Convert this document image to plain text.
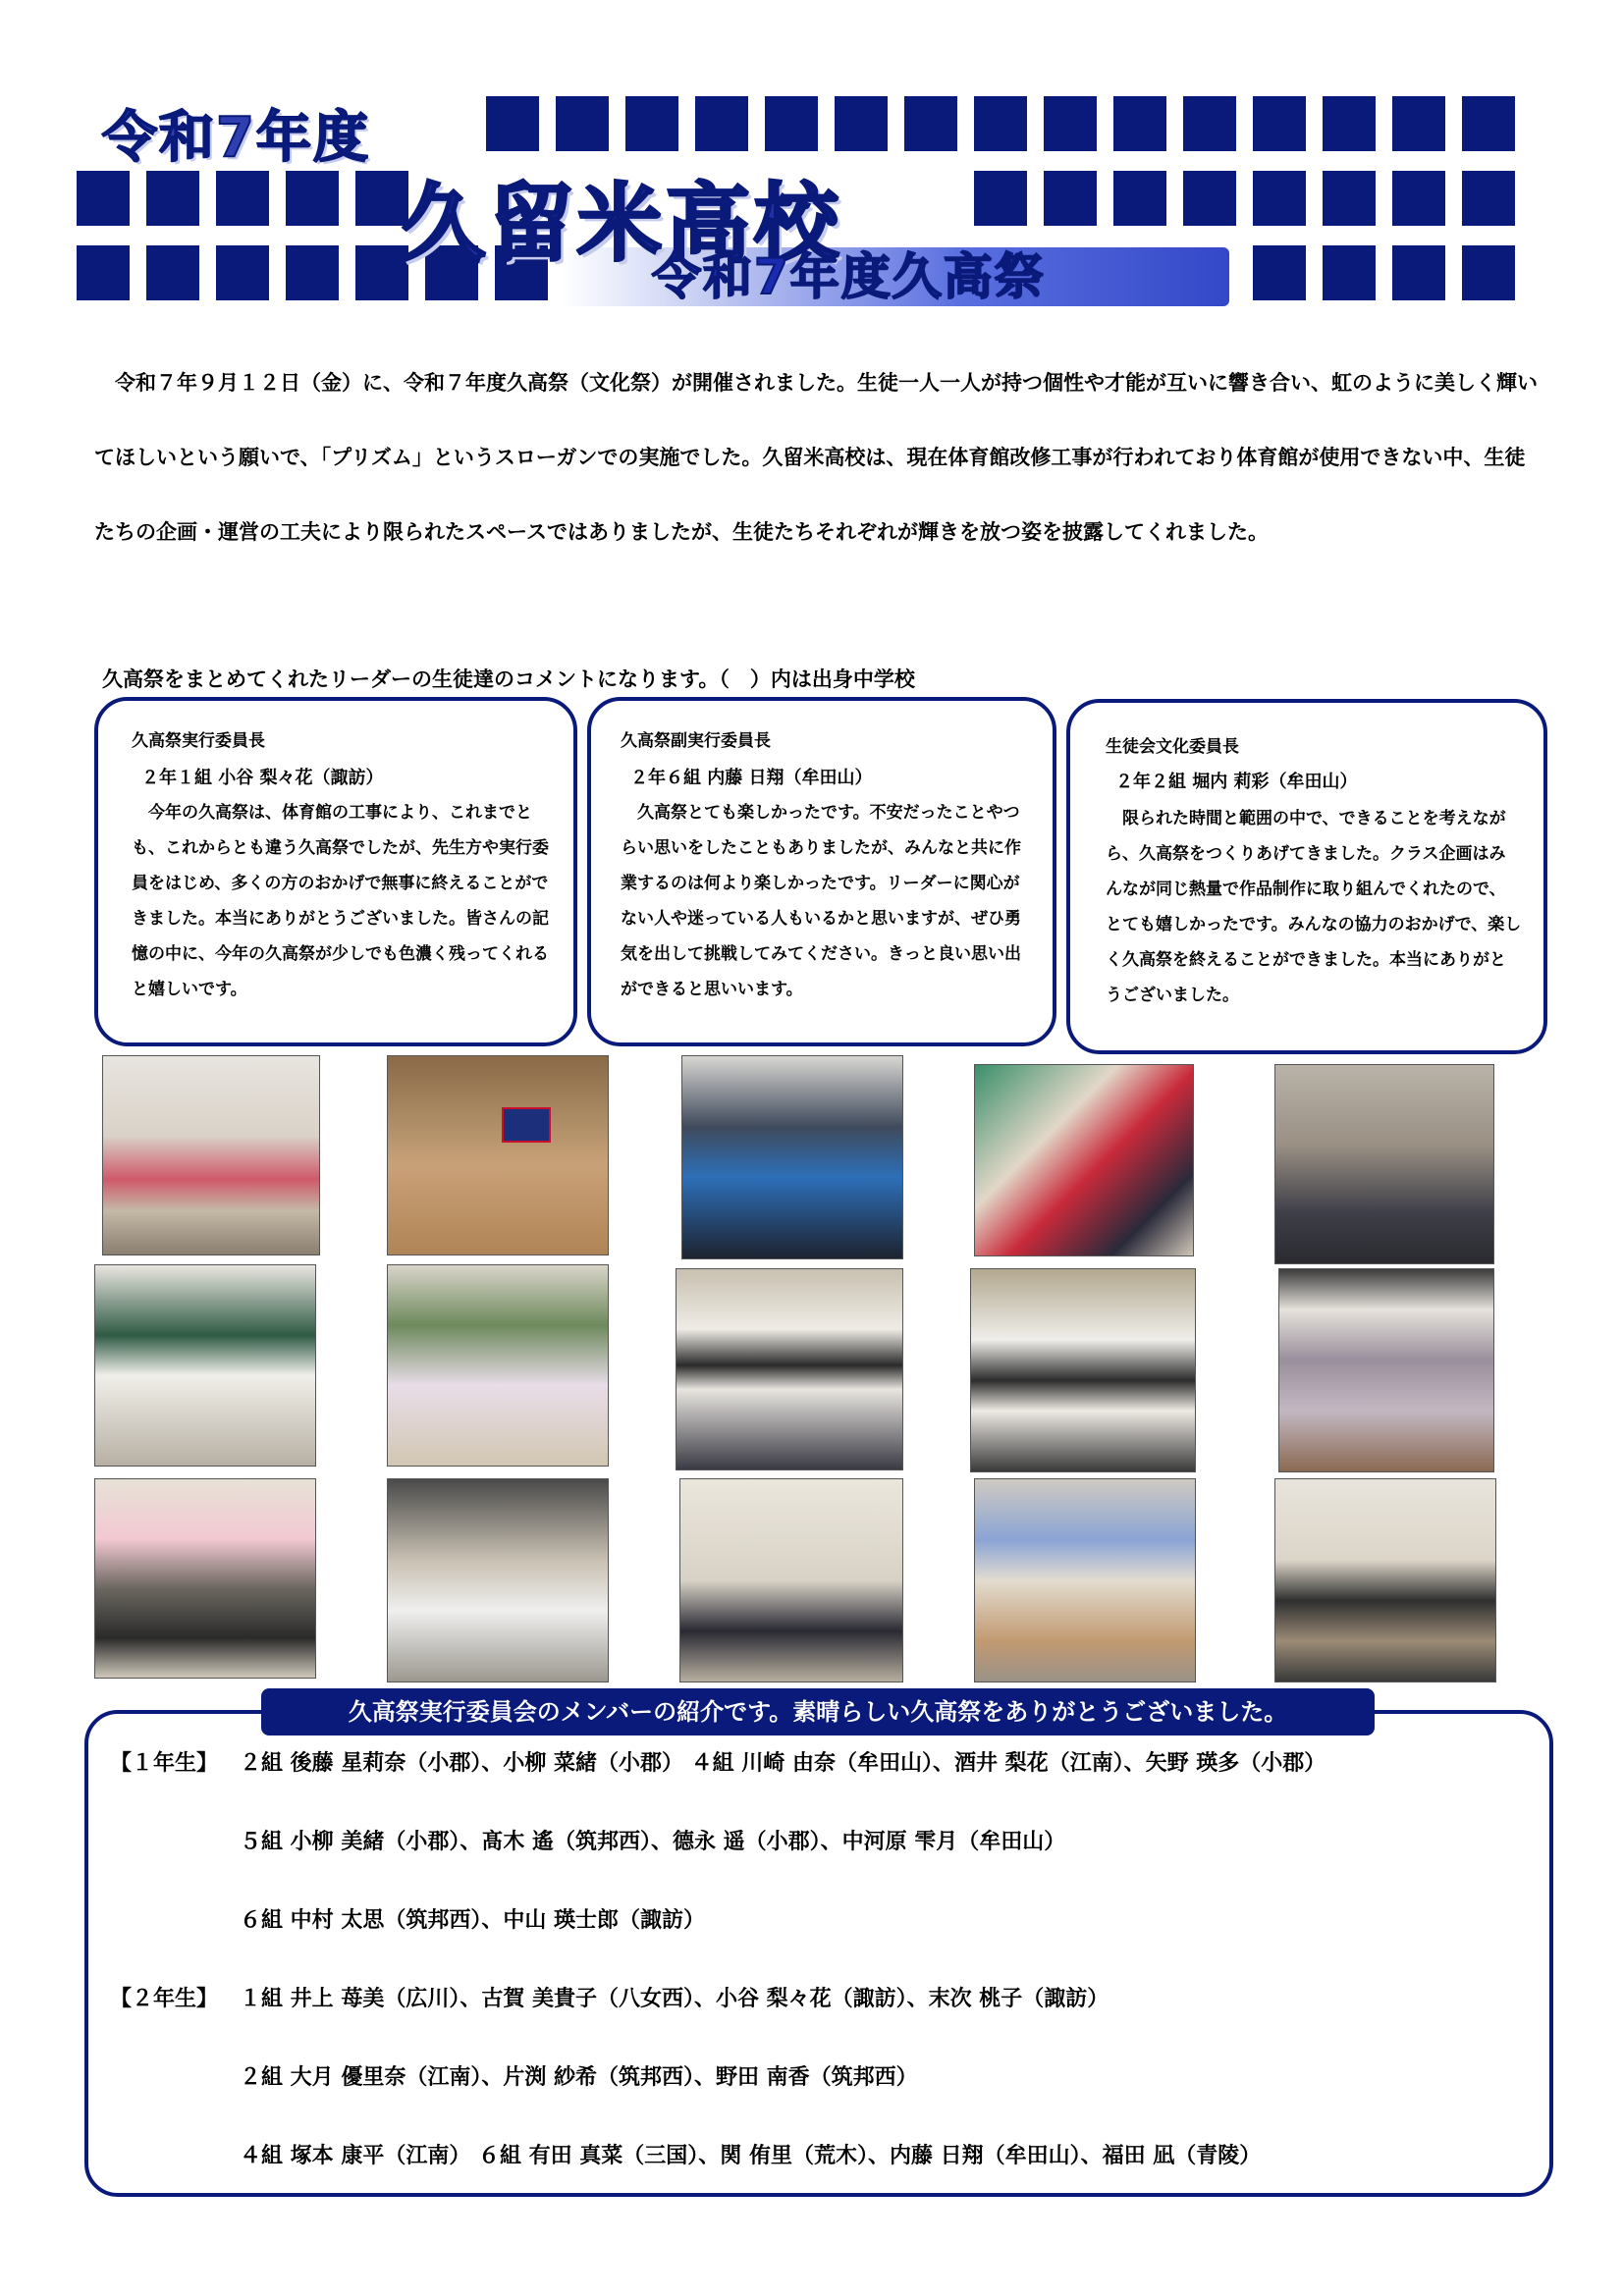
令和7年度
久留米高校
令和7年度久高祭

令和７年９月１２日（金）に、令和７年度久高祭（文化祭）が開催されました。生徒一人一人が持つ個性や才能が互いに響き合い、虹のように美しく輝いてほしいという願いで、「プリズム」というスローガンでの実施でした。久留米高校は、現在体育館改修工事が行われており体育館が使用できない中、生徒たちの企画・運営の工夫により限られたスペースではありましたが、生徒たちそれぞれが輝きを放つ姿を披露してくれました。

久高祭をまとめてくれたリーダーの生徒達のコメントになります。（　）内は出身中学校

久高祭実行委員長
２年１組 小谷 梨々花（諏訪）

今年の久高祭は、体育館の工事により、これまでとも、これからとも違う久高祭でしたが、先生方や実行委員をはじめ、多くの方のおかげで無事に終えることができました。本当にありがとうございました。皆さんの記憶の中に、今年の久高祭が少しでも色濃く残ってくれると嬉しいです。

久高祭副実行委員長
２年６組 内藤 日翔（牟田山）

久高祭とても楽しかったです。不安だったことやつらい思いをしたこともありましたが、みんなと共に作業するのは何より楽しかったです。リーダーに関心がない人や迷っている人もいるかと思いますが、ぜひ勇気を出して挑戦してみてください。きっと良い思い出ができると思いいます。

生徒会文化委員長
２年２組 堀内 莉彩（牟田山）

限られた時間と範囲の中で、できることを考えながら、久高祭をつくりあげてきました。クラス企画はみんなが同じ熱量で作品制作に取り組んでくれたので、とても嬉しかったです。みんなの協力のおかげで、楽しく久高祭を終えることができました。本当にありがとうございました。

久高祭実行委員会のメンバーの紹介です。素晴らしい久高祭をありがとうございました。
【１年生】 ２組 後藤 星莉奈（小郡）、小柳 菜緒（小郡） ４組 川崎 由奈（牟田山）、酒井 梨花（江南）、矢野 瑛多（小郡）
５組 小柳 美緒（小郡）、髙木 遙（筑邦西）、德永 遥（小郡）、中河原 雫月（牟田山）
６組 中村 太思（筑邦西）、中山 瑛士郎（諏訪）
【２年生】 １組 井上 苺美（広川）、古賀 美貴子（八女西）、小谷 梨々花（諏訪）、末次 桃子（諏訪）
２組 大月 優里奈（江南）、片渕 紗希（筑邦西）、野田 南香（筑邦西）
４組 塚本 康平（江南） ６組 有田 真菜（三国）、関 侑里（荒木）、内藤 日翔（牟田山）、福田 凪（青陵）
